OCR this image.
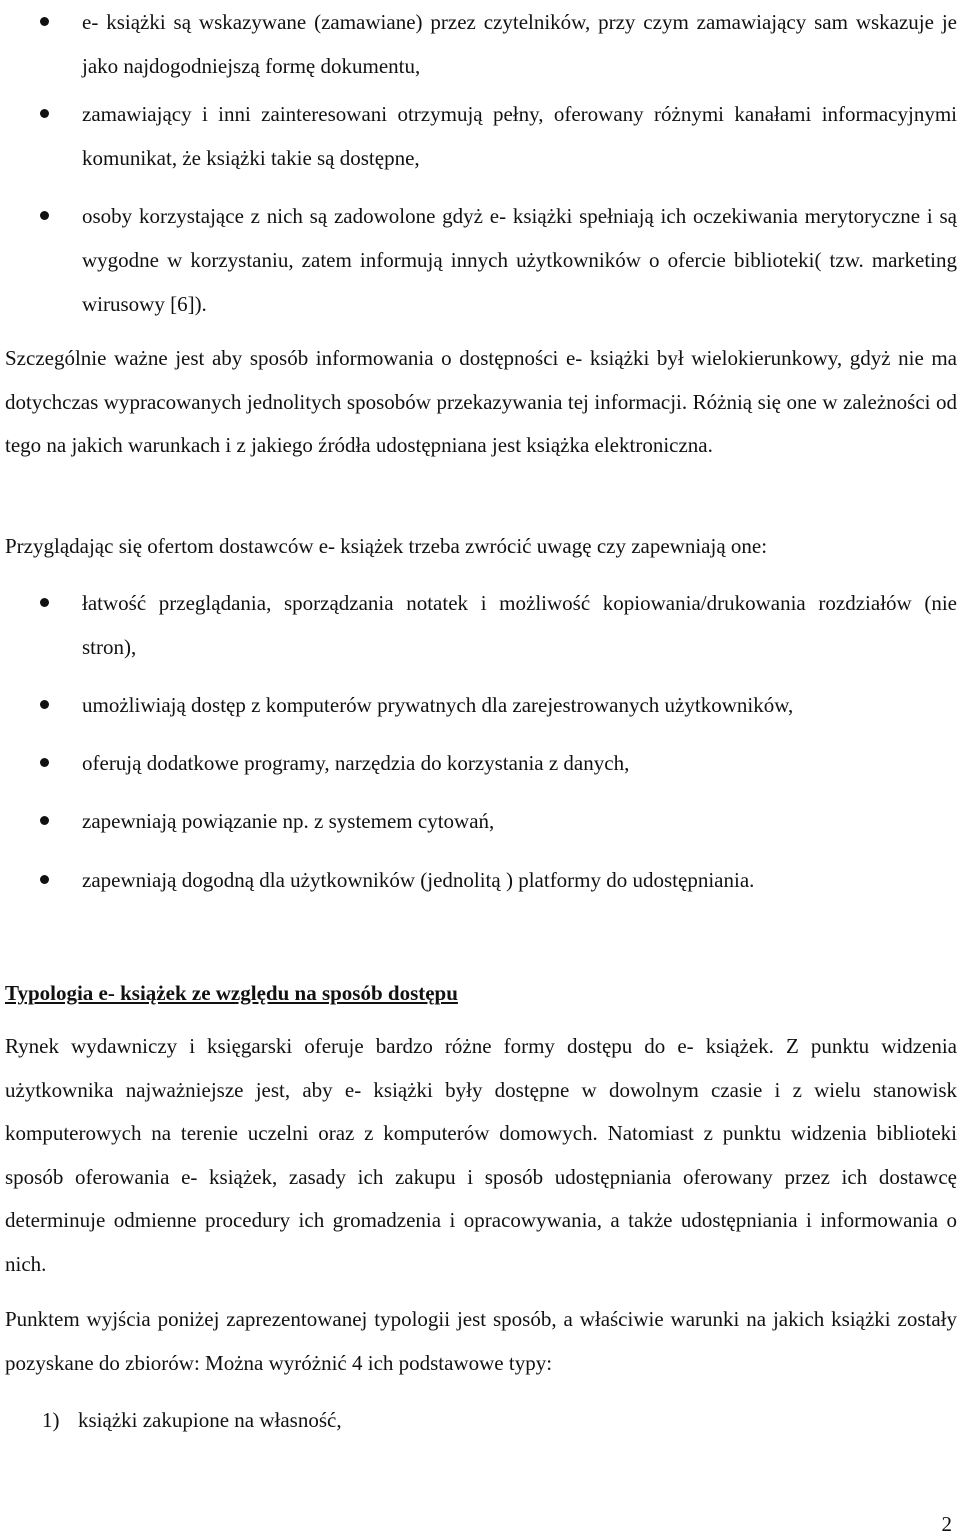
e- książki są wskazywane (zamawiane) przez czytelników, przy czym zamawiający sam wskazuje je jako najdogodniejszą formę dokumentu,
zamawiający i inni zainteresowani otrzymują pełny, oferowany różnymi kanałami informacyjnymi komunikat, że książki takie są dostępne,
osoby korzystające z nich są zadowolone gdyż e- książki spełniają ich oczekiwania merytoryczne i są wygodne w korzystaniu, zatem informują innych użytkowników o ofercie biblioteki( tzw. marketing wirusowy [6]).

Szczególnie ważne jest aby sposób informowania o dostępności e- książki był wielokierunkowy, gdyż nie ma dotychczas wypracowanych jednolitych sposobów przekazywania tej informacji. Różnią się one w zależności od tego na jakich warunkach i z jakiego źródła udostępniana jest książka elektroniczna.

Przyglądając się ofertom dostawców e- książek trzeba zwrócić uwagę czy zapewniają one:

łatwość przeglądania, sporządzania notatek i możliwość kopiowania/drukowania rozdziałów (nie stron),
umożliwiają dostęp z komputerów prywatnych dla zarejestrowanych użytkowników,
oferują dodatkowe programy, narzędzia do korzystania z danych,
zapewniają powiązanie np. z systemem cytowań,
zapewniają dogodną dla użytkowników (jednolitą ) platformy do udostępniania.
Typologia e- książek ze względu na sposób dostępu

Rynek wydawniczy i księgarski oferuje bardzo różne formy dostępu do e- książek. Z punktu widzenia użytkownika najważniejsze jest, aby e- książki były dostępne w dowolnym czasie i z wielu stanowisk komputerowych na terenie uczelni oraz z komputerów domowych. Natomiast z punktu widzenia biblioteki sposób oferowania e- książek, zasady ich zakupu i sposób udostępniania oferowany przez ich dostawcę determinuje odmienne procedury ich gromadzenia i opracowywania, a także udostępniania i informowania o nich.

Punktem wyjścia poniżej zaprezentowanej typologii jest sposób, a właściwie warunki na jakich książki zostały pozyskane do zbiorów: Można wyróżnić 4 ich podstawowe typy:

1) książki zakupione na własność,

2
